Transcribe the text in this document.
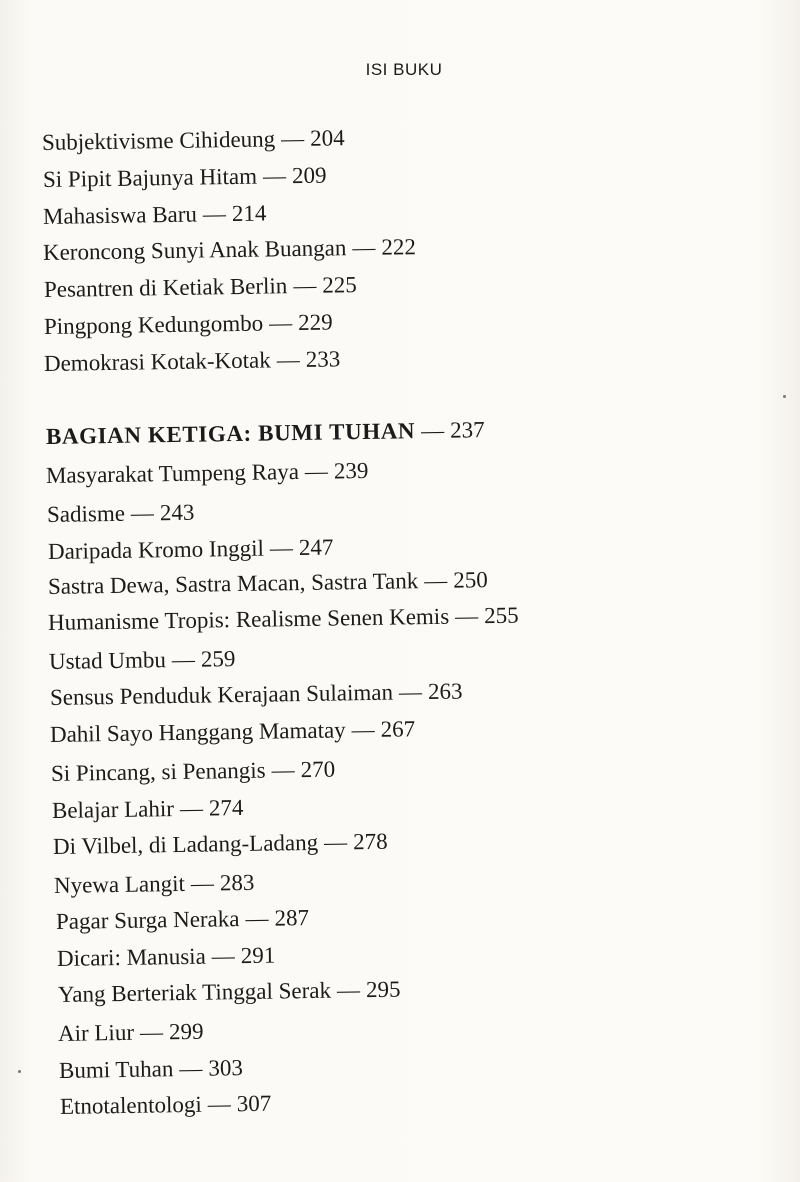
ISI BUKU
Subjektivisme Cihideung — 204
Si Pipit Bajunya Hitam — 209
Mahasiswa Baru — 214
Keroncong Sunyi Anak Buangan — 222
Pesantren di Ketiak Berlin — 225
Pingpong Kedungombo — 229
Demokrasi Kotak-Kotak — 233
BAGIAN KETIGA: BUMI TUHAN — 237
Masyarakat Tumpeng Raya — 239
Sadisme — 243
Daripada Kromo Inggil — 247
Sastra Dewa, Sastra Macan, Sastra Tank — 250
Humanisme Tropis: Realisme Senen Kemis — 255
Ustad Umbu — 259
Sensus Penduduk Kerajaan Sulaiman — 263
Dahil Sayo Hanggang Mamatay — 267
Si Pincang, si Penangis — 270
Belajar Lahir — 274
Di Vilbel, di Ladang-Ladang — 278
Nyewa Langit — 283
Pagar Surga Neraka — 287
Dicari: Manusia — 291
Yang Berteriak Tinggal Serak — 295
Air Liur — 299
Bumi Tuhan — 303
Etnotalentologi — 307
